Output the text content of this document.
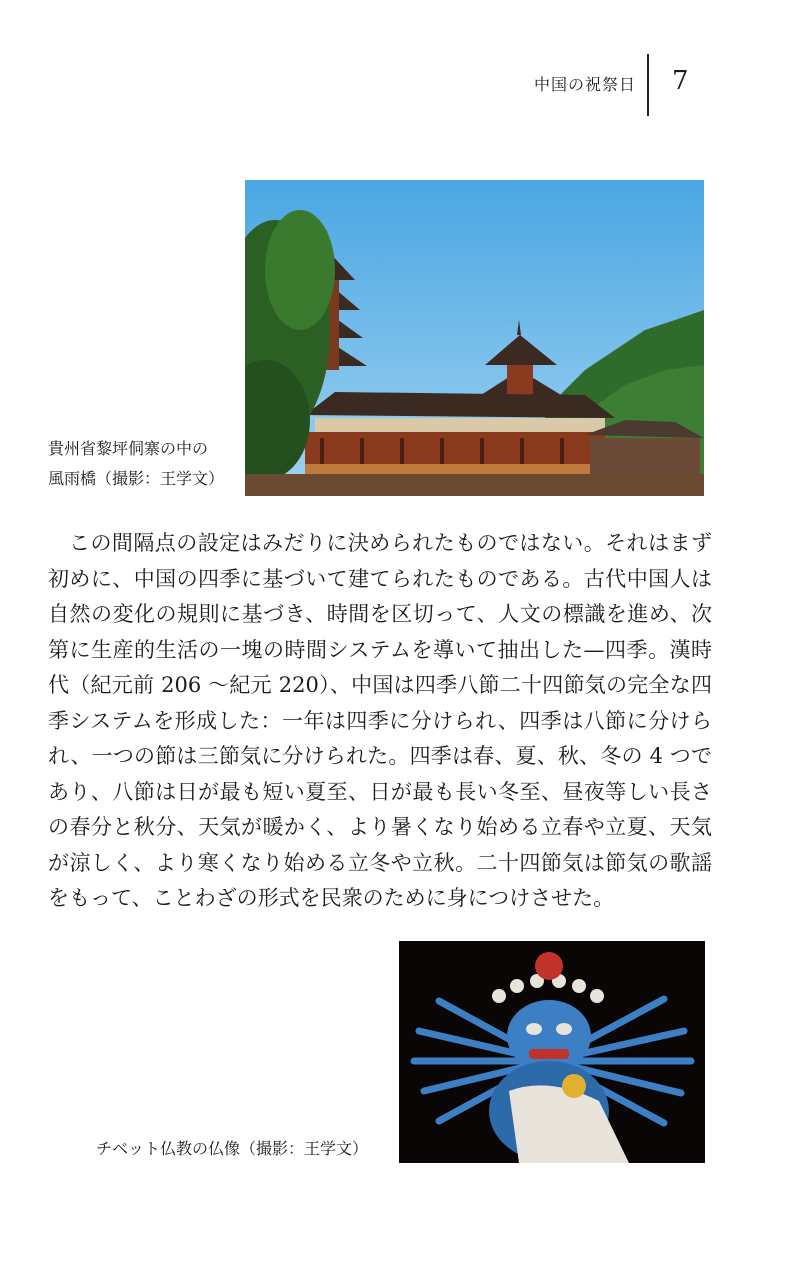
中国の祝祭日 7
貴州省黎坪侗寨の中の
風雨橋（撮影：王学文）

この間隔点の設定はみだりに決められたものではない。それはまず初めに、中国の四季に基づいて建てられたものである。古代中国人は自然の変化の規則に基づき、時間を区切って、人文の標識を進め、次第に生産的生活の一塊の時間システムを導いて抽出した—四季。漢時代（紀元前 206 〜紀元 220）、中国は四季八節二十四節気の完全な四季システムを形成した：一年は四季に分けられ、四季は八節に分けられ、一つの節は三節気に分けられた。四季は春、夏、秋、冬の 4 つであり、八節は日が最も短い夏至、日が最も長い冬至、昼夜等しい長さの春分と秋分、天気が暖かく、より暑くなり始める立春や立夏、天気が涼しく、より寒くなり始める立冬や立秋。二十四節気は節気の歌謡をもって、ことわざの形式を民衆のために身につけさせた。

チベット仏教の仏像（撮影：王学文）
